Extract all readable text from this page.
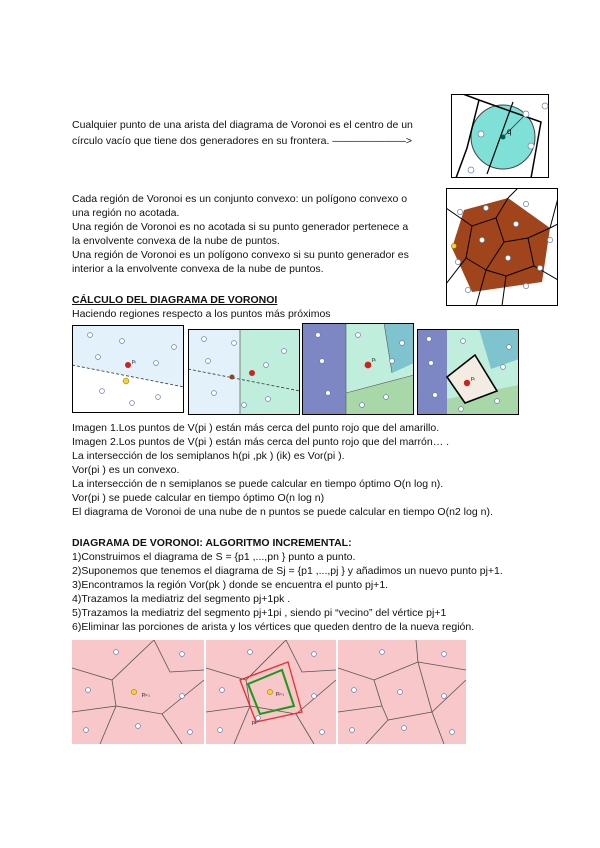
Cualquier punto de una arista del diagrama de Voronoi es el centro de un
círculo vacío que tiene dos generadores en su frontera. ———————>
q
Cada región de Voronoi es un conjunto convexo: un polígono convexo o
una región no acotada.
Una región de Voronoi es no acotada si su punto generador pertenece a
la envolvente convexa de la nube de puntos.
Una región de Voronoi es un polígono convexo si su punto generador es
interior a la envolvente convexa de la nube de puntos.
CÁLCULO DEL DIAGRAMA DE VORONOI
Haciendo regiones respecto a los puntos más próximos
pᵢ	pᵢ
pᵢ
Imagen 1.Los puntos de V(pi ) están más cerca del punto rojo que del amarillo.
Imagen 2.Los puntos de V(pi ) están más cerca del punto rojo que del marrón… .
La intersección de los semiplanos h(pi ,pk ) (ik) es Vor(pi ).
Vor(pi ) es un convexo.
La intersección de n semiplanos se puede calcular en tiempo óptimo O(n log n).
Vor(pi ) se puede calcular en tiempo óptimo O(n log n)
El diagrama de Voronoi de una nube de n puntos se puede calcular en tiempo O(n2 log n).
DIAGRAMA DE VORONOI: ALGORITMO INCREMENTAL:
1)Construimos el diagrama de S = {p1 ,...,pn } punto a punto.
2)Suponemos que tenemos el diagrama de Sj = {p1 ,...,pj } y añadimos un nuevo punto pj+1.
3)Encontramos la región Vor(pk ) donde se encuentra el punto pj+1.
4)Trazamos la mediatriz del segmento pj+1pk .
5)Trazamos la mediatriz del segmento pj+1pi , siendo pi “vecino” del vértice pj+1
6)Eliminar las porciones de arista y los vértices que queden dentro de la nueva región.
pⱼ₊₁	pⱼ₊₁
pₖ
